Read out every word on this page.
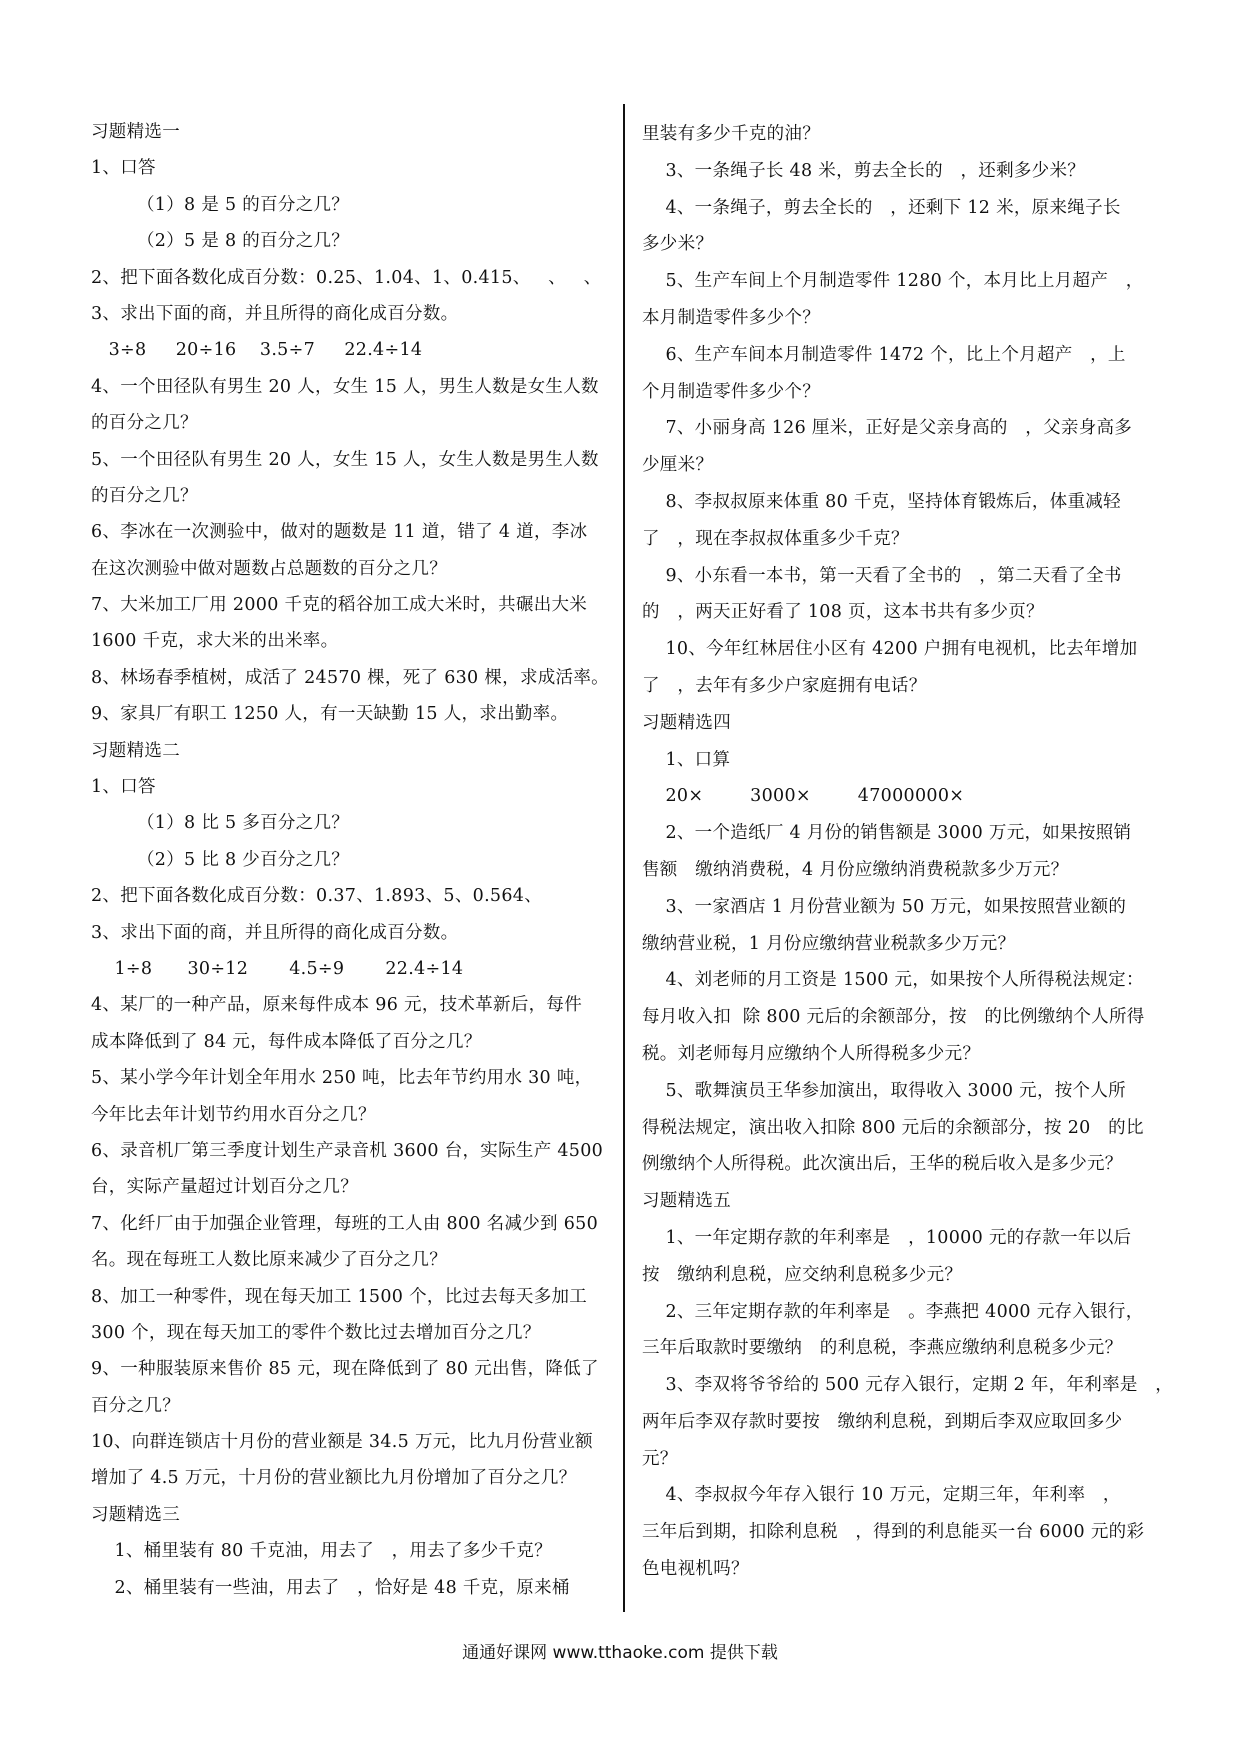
习题精选一
1、口答
（1）8 是 5 的百分之几？
（2）5 是 8 的百分之几？
2、把下面各数化成百分数：0.25、1.04、1、0.415、   、   、
3、求出下面的商，并且所得的商化成百分数。
3÷8     20÷16    3.5÷7     22.4÷14
4、一个田径队有男生 20 人，女生 15 人，男生人数是女生人数
的百分之几？
5、一个田径队有男生 20 人，女生 15 人，女生人数是男生人数
的百分之几？
6、李冰在一次测验中，做对的题数是 11 道，错了 4 道，李冰
在这次测验中做对题数占总题数的百分之几？
7、大米加工厂用 2000 千克的稻谷加工成大米时，共碾出大米
1600 千克，求大米的出米率。
8、林场春季植树，成活了 24570 棵，死了 630 棵，求成活率。
9、家具厂有职工 1250 人，有一天缺勤 15 人，求出勤率。
习题精选二
1、口答
（1）8 比 5 多百分之几？
（2）5 比 8 少百分之几？
2、把下面各数化成百分数：0.37、1.893、5、0.564、
3、求出下面的商，并且所得的商化成百分数。
1÷8      30÷12       4.5÷9       22.4÷14
4、某厂的一种产品，原来每件成本 96 元，技术革新后，每件
成本降低到了 84 元，每件成本降低了百分之几？
5、某小学今年计划全年用水 250 吨，比去年节约用水 30 吨，
今年比去年计划节约用水百分之几？
6、录音机厂第三季度计划生产录音机 3600 台，实际生产 4500
台，实际产量超过计划百分之几？
7、化纤厂由于加强企业管理，每班的工人由 800 名减少到 650
名。现在每班工人数比原来减少了百分之几？
8、加工一种零件，现在每天加工 1500 个，比过去每天多加工
300 个，现在每天加工的零件个数比过去增加百分之几？
9、一种服装原来售价 85 元，现在降低到了 80 元出售，降低了
百分之几？
10、向群连锁店十月份的营业额是 34.5 万元，比九月份营业额
增加了 4.5 万元，十月份的营业额比九月份增加了百分之几？
习题精选三
1、桶里装有 80 千克油，用去了   ，用去了多少千克？
2、桶里装有一些油，用去了   ，恰好是 48 千克，原来桶
里装有多少千克的油？
3、一条绳子长 48 米，剪去全长的   ，还剩多少米？
4、一条绳子，剪去全长的   ，还剩下 12 米，原来绳子长
多少米？
5、生产车间上个月制造零件 1280 个，本月比上月超产   ，
本月制造零件多少个？
6、生产车间本月制造零件 1472 个，比上个月超产   ，上
个月制造零件多少个？
7、小丽身高 126 厘米，正好是父亲身高的   ，父亲身高多
少厘米？
8、李叔叔原来体重 80 千克，坚持体育锻炼后，体重减轻
了   ，现在李叔叔体重多少千克？
9、小东看一本书，第一天看了全书的   ，第二天看了全书
的   ，两天正好看了 108 页，这本书共有多少页？
10、今年红林居住小区有 4200 户拥有电视机，比去年增加
了   ，去年有多少户家庭拥有电话？
习题精选四
1、口算
20×        3000×        47000000×
2、一个造纸厂 4 月份的销售额是 3000 万元，如果按照销
售额   缴纳消费税，4 月份应缴纳消费税款多少万元？
3、一家酒店 1 月份营业额为 50 万元，如果按照营业额的
缴纳营业税，1 月份应缴纳营业税款多少万元？
4、刘老师的月工资是 1500 元，如果按个人所得税法规定：
每月收入扣  除 800 元后的余额部分，按   的比例缴纳个人所得
税。刘老师每月应缴纳个人所得税多少元？
5、歌舞演员王华参加演出，取得收入 3000 元，按个人所
得税法规定，演出收入扣除 800 元后的余额部分，按 20   的比
例缴纳个人所得税。此次演出后，王华的税后收入是多少元？
习题精选五
1、一年定期存款的年利率是   ，10000 元的存款一年以后
按   缴纳利息税，应交纳利息税多少元？
2、三年定期存款的年利率是   。李燕把 4000 元存入银行，
三年后取款时要缴纳   的利息税，李燕应缴纳利息税多少元？
3、李双将爷爷给的 500 元存入银行，定期 2 年，年利率是   ，
两年后李双存款时要按   缴纳利息税，到期后李双应取回多少
元？
4、李叔叔今年存入银行 10 万元，定期三年，年利率   ，
三年后到期，扣除利息税   ，得到的利息能买一台 6000 元的彩
色电视机吗？
通通好课网 www.tthaoke.com 提供下载
